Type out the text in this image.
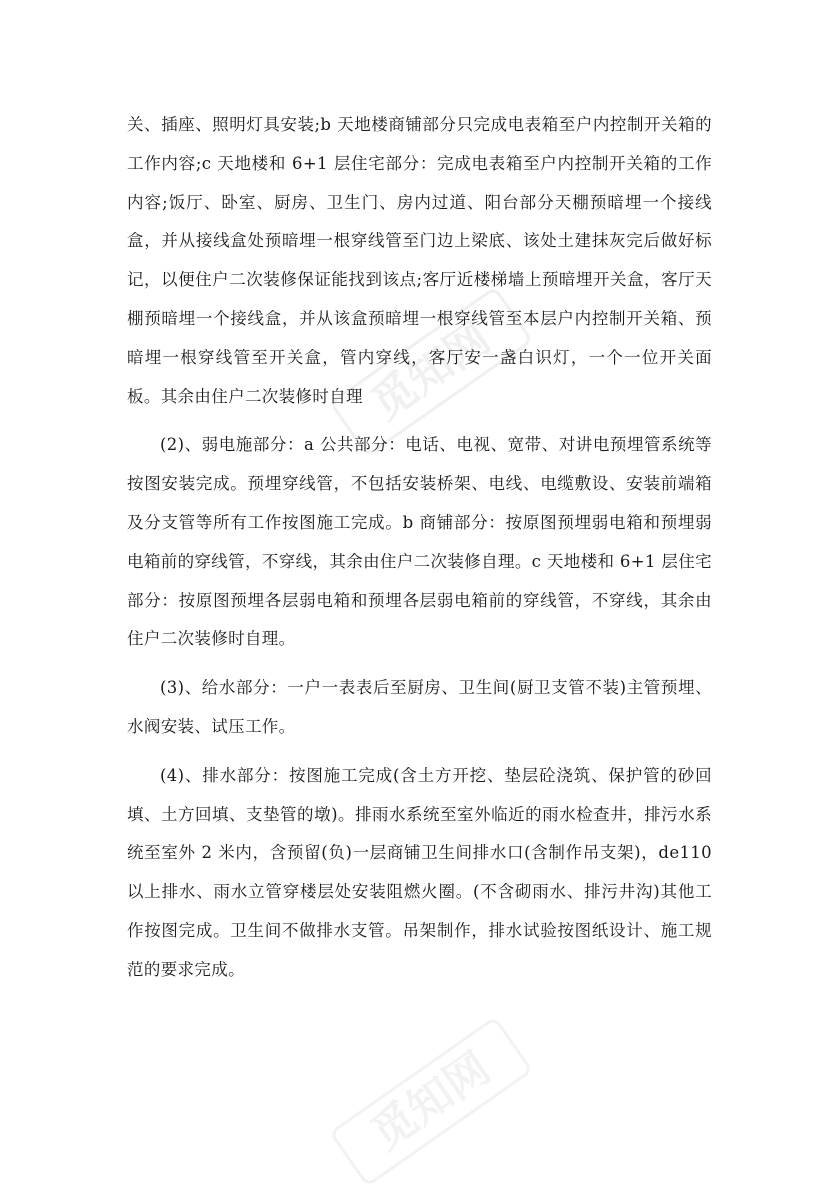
觅知网
觅知网

关、插座、照明灯具安装;b 天地楼商铺部分只完成电表箱至户内控制开关箱的工作内容;c 天地楼和 6+1 层住宅部分：完成电表箱至户内控制开关箱的工作内容;饭厅、卧室、厨房、卫生门、房内过道、阳台部分天棚预暗埋一个接线盒，并从接线盒处预暗埋一根穿线管至门边上梁底、该处土建抹灰完后做好标记，以便住户二次装修保证能找到该点;客厅近楼梯墙上预暗埋开关盒，客厅天棚预暗埋一个接线盒，并从该盒预暗埋一根穿线管至本层户内控制开关箱、预暗埋一根穿线管至开关盒，管内穿线，客厅安一盏白识灯，一个一位开关面板。其余由住户二次装修时自理

(2)、弱电施部分：a 公共部分：电话、电视、宽带、对讲电预埋管系统等按图安装完成。预埋穿线管，不包括安装桥架、电线、电缆敷设、安装前端箱及分支管等所有工作按图施工完成。b 商铺部分：按原图预埋弱电箱和预埋弱电箱前的穿线管，不穿线，其余由住户二次装修自理。c 天地楼和 6+1 层住宅部分：按原图预埋各层弱电箱和预埋各层弱电箱前的穿线管，不穿线，其余由住户二次装修时自理。

(3)、给水部分：一户一表表后至厨房、卫生间(厨卫支管不装)主管预埋、水阀安装、试压工作。

(4)、排水部分：按图施工完成(含土方开挖、垫层砼浇筑、保护管的砂回填、土方回填、支垫管的墩)。排雨水系统至室外临近的雨水检查井，排污水系统至室外 2 米内，含预留(负)一层商铺卫生间排水口(含制作吊支架)，de110 以上排水、雨水立管穿楼层处安装阻燃火圈。(不含砌雨水、排污井沟)其他工作按图完成。卫生间不做排水支管。吊架制作，排水试验按图纸设计、施工规范的要求完成。
